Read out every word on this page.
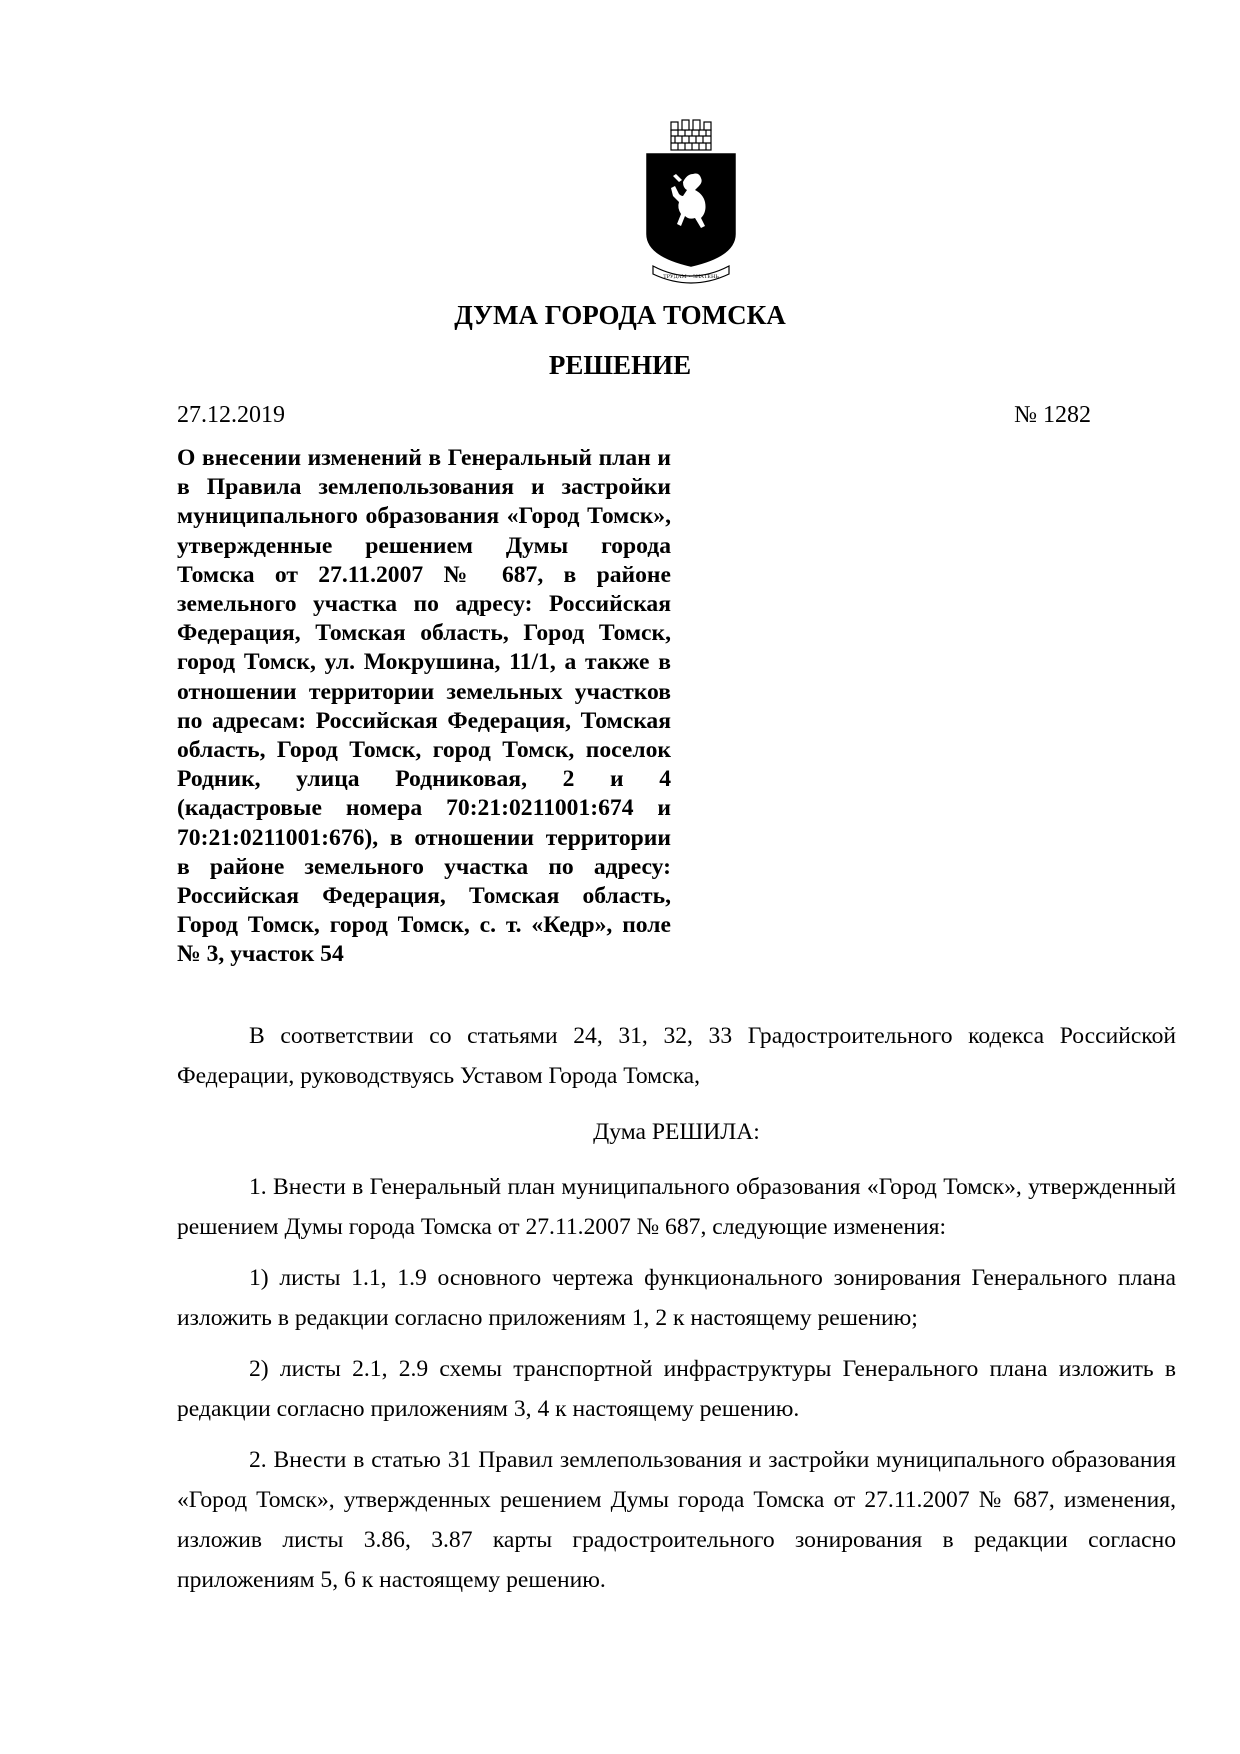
ТРУДАМ • ЗНАТЕНЬ
ДУМА ГОРОДА ТОМСКА
РЕШЕНИЕ
27.12.2019	№ 1282

О внесении изменений в Генеральный план и в Правила землепользования и застройки муниципального образования «Город Томск», утвержденные решением Думы города Томска от 27.11.2007 № 687, в районе земельного участка по адресу: Российская Федерация, Томская область, Город Томск, город Томск, ул. Мокрушина, 11/1, а также в отношении территории земельных участков по адресам: Российская Федерация, Томская область, Город Томск, город Томск, поселок Родник, улица Родниковая, 2 и 4 (кадастровые номера 70:21:0211001:674 и 70:21:0211001:676), в отношении территории в районе земельного участка по адресу: Российская Федерация, Томская область, Город Томск, город Томск, с. т. «Кедр», поле № 3, участок 54

В соответствии со статьями 24, 31, 32, 33 Градостроительного кодекса Российской Федерации, руководствуясь Уставом Города Томска,

Дума РЕШИЛА:

1. Внести в Генеральный план муниципального образования «Город Томск», утвержденный решением Думы города Томска от 27.11.2007 № 687, следующие изменения:

1) листы 1.1, 1.9 основного чертежа функционального зонирования Генерального плана изложить в редакции согласно приложениям 1, 2 к настоящему решению;

2) листы 2.1, 2.9 схемы транспортной инфраструктуры Генерального плана изложить в редакции согласно приложениям 3, 4 к настоящему решению.

2. Внести в статью 31 Правил землепользования и застройки муниципального образования «Город Томск», утвержденных решением Думы города Томска от 27.11.2007 № 687, изменения, изложив листы 3.86, 3.87 карты градостроительного зонирования в редакции согласно приложениям 5, 6 к настоящему решению.
